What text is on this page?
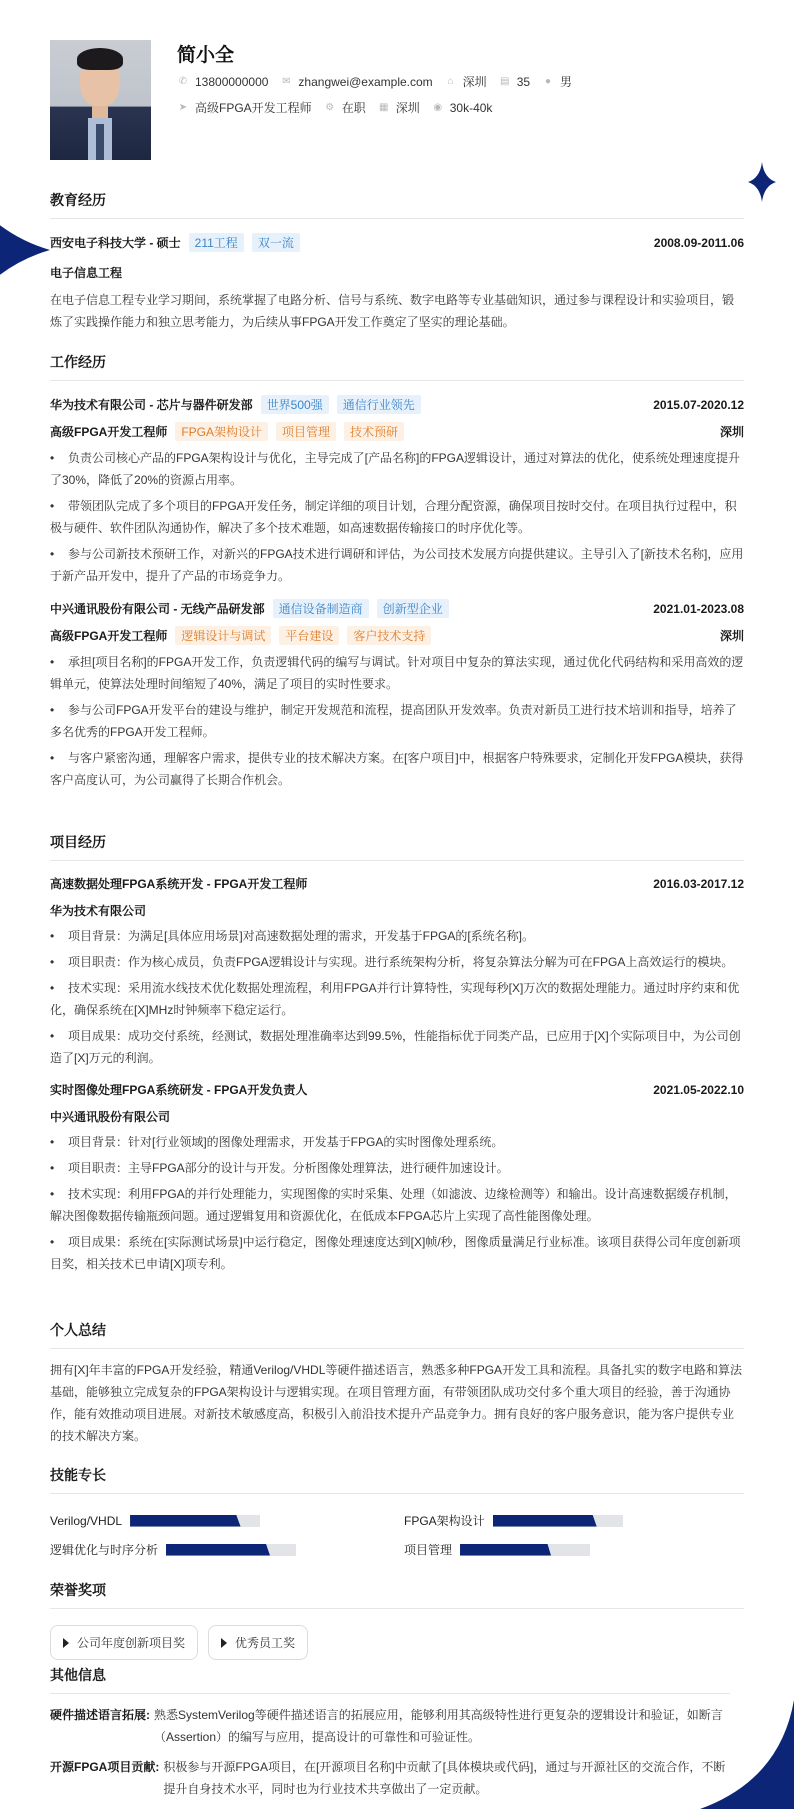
简小全
✆ 13800000000 ✉ zhangwei@example.com ⌂ 深圳 ▤ 35 ● 男
➤ 高级FPGA开发工程师 ⚙ 在职 ▦ 深圳 ◉ 30k-40k
教育经历
西安电子科技大学 - 硕士 211工程 双一流	2008.09-2011.06
电子信息工程
在电子信息工程专业学习期间，系统掌握了电路分析、信号与系统、数字电路等专业基础知识，通过参与课程设计和实验项目，锻炼了实践操作能力和独立思考能力，为后续从事FPGA开发工作奠定了坚实的理论基础。
工作经历
华为技术有限公司 - 芯片与器件研发部 世界500强 通信行业领先	2015.07-2020.12
高级FPGA开发工程师 FPGA架构设计 项目管理 技术预研	深圳
• 负责公司核心产品的FPGA架构设计与优化，主导完成了[产品名称]的FPGA逻辑设计，通过对算法的优化，使系统处理速度提升了30%，降低了20%的资源占用率。
• 带领团队完成了多个项目的FPGA开发任务，制定详细的项目计划，合理分配资源，确保项目按时交付。在项目执行过程中，积极与硬件、软件团队沟通协作，解决了多个技术难题，如高速数据传输接口的时序优化等。
• 参与公司新技术预研工作，对新兴的FPGA技术进行调研和评估，为公司技术发展方向提供建议。主导引入了[新技术名称]，应用于新产品开发中，提升了产品的市场竞争力。
中兴通讯股份有限公司 - 无线产品研发部 通信设备制造商 创新型企业	2021.01-2023.08
高级FPGA开发工程师 逻辑设计与调试 平台建设 客户技术支持	深圳
• 承担[项目名称]的FPGA开发工作，负责逻辑代码的编写与调试。针对项目中复杂的算法实现，通过优化代码结构和采用高效的逻辑单元，使算法处理时间缩短了40%，满足了项目的实时性要求。
• 参与公司FPGA开发平台的建设与维护，制定开发规范和流程，提高团队开发效率。负责对新员工进行技术培训和指导，培养了多名优秀的FPGA开发工程师。
• 与客户紧密沟通，理解客户需求，提供专业的技术解决方案。在[客户项目]中，根据客户特殊要求，定制化开发FPGA模块，获得客户高度认可，为公司赢得了长期合作机会。
项目经历
高速数据处理FPGA系统开发 - FPGA开发工程师	2016.03-2017.12
华为技术有限公司
• 项目背景：为满足[具体应用场景]对高速数据处理的需求，开发基于FPGA的[系统名称]。
• 项目职责：作为核心成员，负责FPGA逻辑设计与实现。进行系统架构分析，将复杂算法分解为可在FPGA上高效运行的模块。
• 技术实现：采用流水线技术优化数据处理流程，利用FPGA并行计算特性，实现每秒[X]万次的数据处理能力。通过时序约束和优化，确保系统在[X]MHz时钟频率下稳定运行。
• 项目成果：成功交付系统，经测试，数据处理准确率达到99.5%，性能指标优于同类产品，已应用于[X]个实际项目中，为公司创造了[X]万元的利润。
实时图像处理FPGA系统研发 - FPGA开发负责人	2021.05-2022.10
中兴通讯股份有限公司
• 项目背景：针对[行业领域]的图像处理需求，开发基于FPGA的实时图像处理系统。
• 项目职责：主导FPGA部分的设计与开发。分析图像处理算法，进行硬件加速设计。
• 技术实现：利用FPGA的并行处理能力，实现图像的实时采集、处理（如滤波、边缘检测等）和输出。设计高速数据缓存机制，解决图像数据传输瓶颈问题。通过逻辑复用和资源优化，在低成本FPGA芯片上实现了高性能图像处理。
• 项目成果：系统在[实际测试场景]中运行稳定，图像处理速度达到[X]帧/秒，图像质量满足行业标准。该项目获得公司年度创新项目奖，相关技术已申请[X]项专利。
个人总结
拥有[X]年丰富的FPGA开发经验，精通Verilog/VHDL等硬件描述语言，熟悉多种FPGA开发工具和流程。具备扎实的数字电路和算法基础，能够独立完成复杂的FPGA架构设计与逻辑实现。在项目管理方面，有带领团队成功交付多个重大项目的经验，善于沟通协作，能有效推动项目进展。对新技术敏感度高，积极引入前沿技术提升产品竞争力。拥有良好的客户服务意识，能为客户提供专业的技术解决方案。
技能专长
Verilog/VHDL	FPGA架构设计
逻辑优化与时序分析	项目管理
荣誉奖项
公司年度创新项目奖	优秀员工奖
其他信息
硬件描述语言拓展: 熟悉SystemVerilog等硬件描述语言的拓展应用，能够利用其高级特性进行更复杂的逻辑设计和验证，如断言（Assertion）的编写与应用，提高设计的可靠性和可验证性。
开源FPGA项目贡献: 积极参与开源FPGA项目，在[开源项目名称]中贡献了[具体模块或代码]，通过与开源社区的交流合作，不断提升自身技术水平，同时也为行业技术共享做出了一定贡献。
